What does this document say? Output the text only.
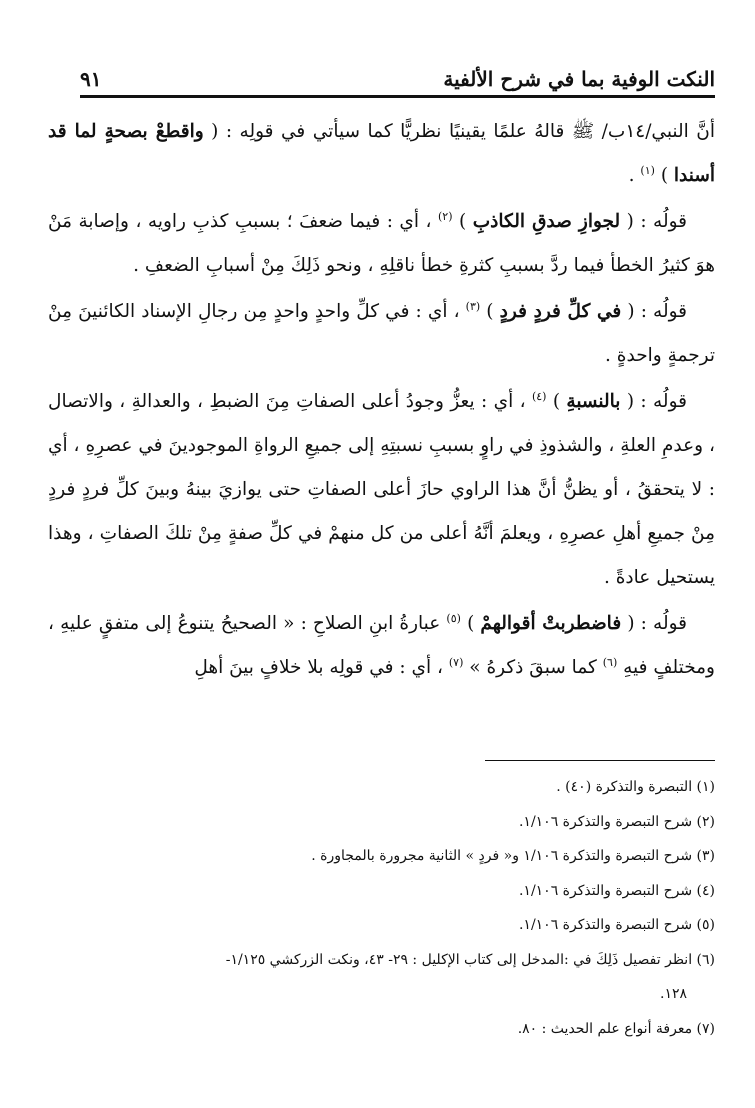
النكت الوفية بما في شرح الألفية
٩١

أنَّ النبي/١٤ب/ ﷺ قالهُ علمًا يقينيًا نظريًّا كما سيأتي في قولِه : ( واقطعْ بصحةٍ لما قد أسندا ) $^{(١)}$ .

قولُه : ( لجوازِ صدقِ الكاذبِ ) $^{(٢)}$ ، أي : فيما ضعفَ ؛ بسببِ كذبِ راويه ، وإصابة مَنْ هوَ كثيرُ الخطأ فيما ردَّ بسببِ كثرةِ خطأ ناقلِهِ ، ونحو ذَلِكَ مِنْ أسبابِ الضعفِ .

قولُه : ( في كلِّ فردٍ فردٍ ) $^{(٣)}$ ، أي : في كلِّ واحدٍ واحدٍ مِن رجالِ الإسناد الكائنينَ مِنْ ترجمةٍ واحدةٍ .

قولُه : ( بالنسبةِ ) $^{(٤)}$ ، أي : يعزُّ وجودُ أعلى الصفاتِ مِنَ الضبطِ ، والعدالةِ ، والاتصال ، وعدمِ العلةِ ، والشذوذِ في راوٍ بسببِ نسبتِهِ إلى جميعِ الرواةِ الموجودينَ في عصرِهِ ، أي : لا يتحققُ ، أو يظنُّ أنَّ هذا الراوي حازَ أعلى الصفاتِ حتى يوازيَ بينهُ وبينَ كلِّ فردٍ فردٍ مِنْ جميعِ أهلِ عصرِهِ ، ويعلمَ أنَّهُ أعلى من كل منهمْ في كلِّ صفةٍ مِنْ تلكَ الصفاتِ ، وهذا يستحيل عادةً .

قولُه : ( فاضطربتْ أقوالهمْ ) $^{(٥)}$ عبارةُ ابنِ الصلاحِ : « الصحيحُ يتنوعُ إلى متفقٍ عليهِ ، ومختلفٍ فيهِ $^{(٦)}$ كما سبقَ ذكرهُ » $^{(٧)}$ ، أي : في قولِه بلا خلافٍ بينَ أهلِ

(١) التبصرة والتذكرة (٤٠) .

(٢) شرح التبصرة والتذكرة ١/١٠٦.

(٣) شرح التبصرة والتذكرة ١/١٠٦ و« فردٍ » الثانية مجرورة بالمجاورة .

(٤) شرح التبصرة والتذكرة ١/١٠٦.

(٥) شرح التبصرة والتذكرة ١/١٠٦.

(٦) انظر تفصيل ذَلِكَ في :المدخل إلى كتاب الإكليل : ٢٩- ٤٣، ونكت الزركشي ١/١٢٥-

١٢٨.

(٧) معرفة أنواع علم الحديث : ٨٠.
